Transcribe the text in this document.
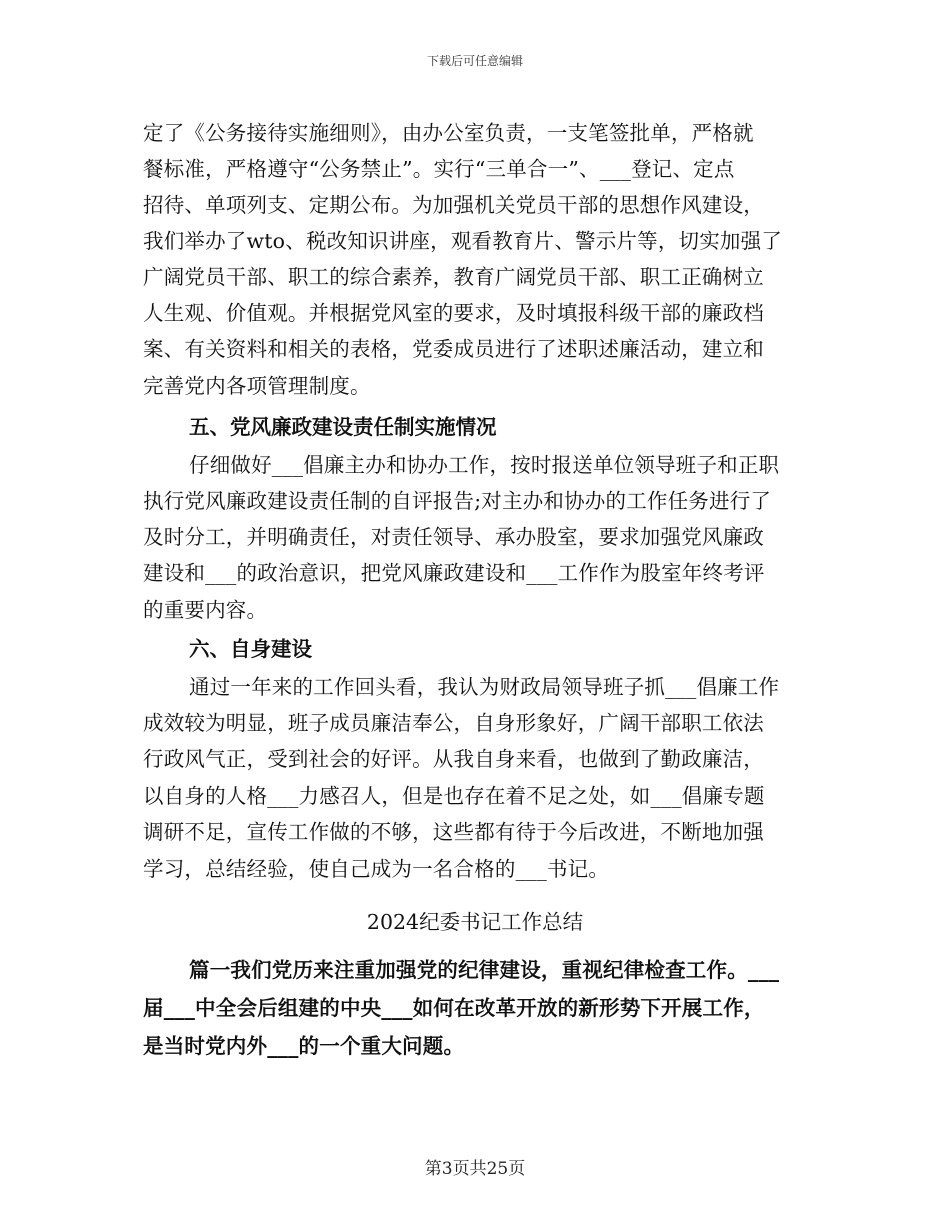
下载后可任意编辑
定了《公务接待实施细则》，由办公室负责，一支笔签批单，严格就
餐标准，严格遵守“公务禁止”。实行“三单合一”、___登记、定点
招待、单项列支、定期公布。为加强机关党员干部的思想作风建设，
我们举办了wto、税改知识讲座，观看教育片、警示片等，切实加强了
广阔党员干部、职工的综合素养，教育广阔党员干部、职工正确树立
人生观、价值观。并根据党风室的要求，及时填报科级干部的廉政档
案、有关资料和相关的表格，党委成员进行了述职述廉活动，建立和
完善党内各项管理制度。
五、党风廉政建设责任制实施情况
仔细做好___倡廉主办和协办工作，按时报送单位领导班子和正职
执行党风廉政建设责任制的自评报告;对主办和协办的工作任务进行了
及时分工，并明确责任，对责任领导、承办股室，要求加强党风廉政
建设和___的政治意识，把党风廉政建设和___工作作为股室年终考评
的重要内容。
六、自身建设
通过一年来的工作回头看，我认为财政局领导班子抓___倡廉工作
成效较为明显，班子成员廉洁奉公，自身形象好，广阔干部职工依法
行政风气正，受到社会的好评。从我自身来看，也做到了勤政廉洁，
以自身的人格___力感召人，但是也存在着不足之处，如___倡廉专题
调研不足，宣传工作做的不够，这些都有待于今后改进，不断地加强
学习，总结经验，使自己成为一名合格的___书记。
2024纪委书记工作总结
篇一我们党历来注重加强党的纪律建设，重视纪律检查工作。___
届___中全会后组建的中央___如何在改革开放的新形势下开展工作，
是当时党内外___的一个重大问题。
第3页共25页
